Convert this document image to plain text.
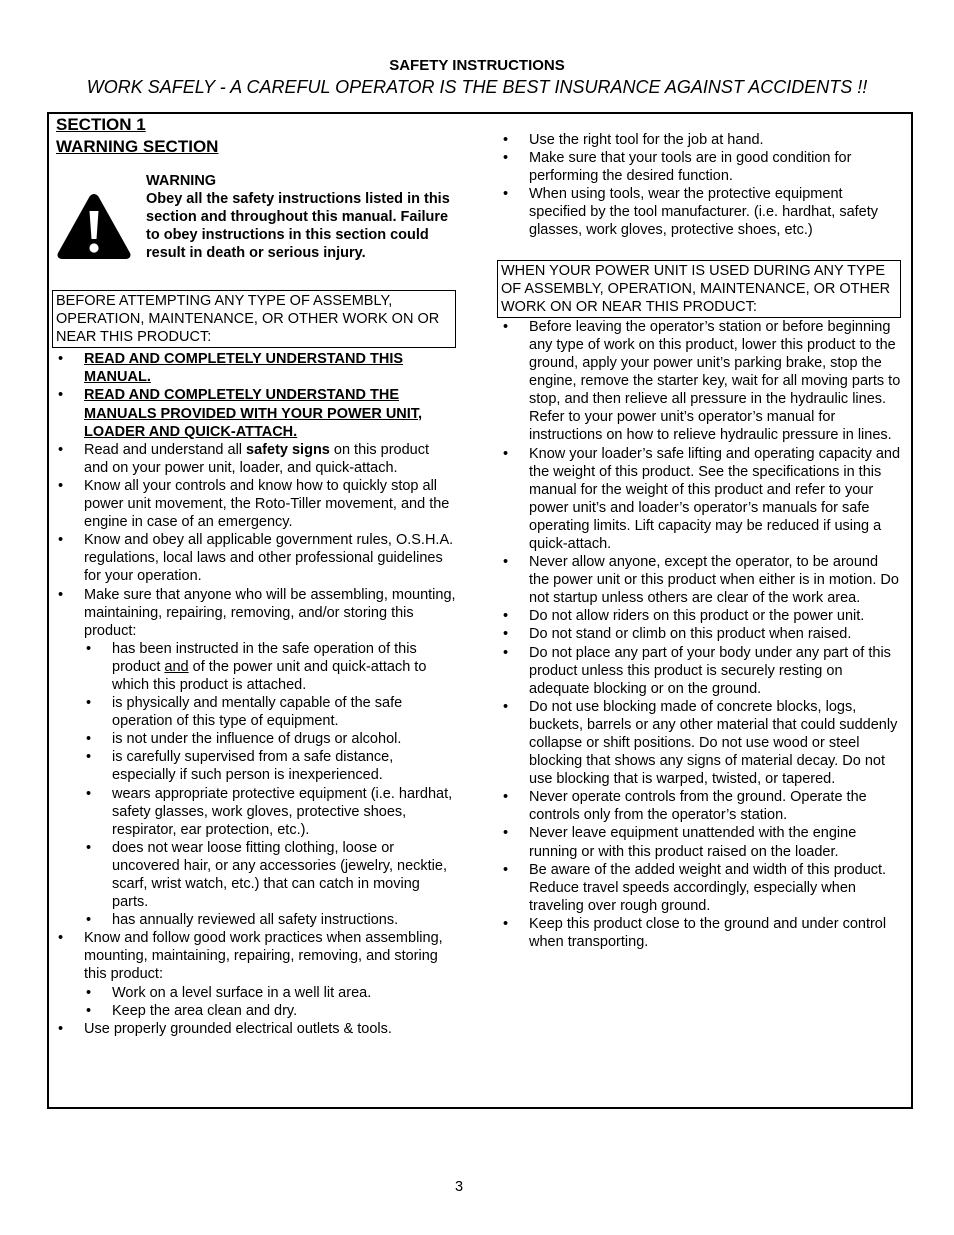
SAFETY INSTRUCTIONS
WORK SAFELY - A CAREFUL OPERATOR IS THE BEST INSURANCE AGAINST ACCIDENTS !!
SECTION 1
WARNING SECTION
WARNING
Obey all the safety instructions listed in this section and throughout this manual. Failure to obey instructions in this section could result in death or serious injury.
BEFORE ATTEMPTING ANY TYPE OF ASSEMBLY, OPERATION, MAINTENANCE, OR OTHER WORK ON OR NEAR THIS PRODUCT:
• READ AND COMPLETELY UNDERSTAND THIS MANUAL.
• READ AND COMPLETELY UNDERSTAND THE MANUALS PROVIDED WITH YOUR POWER UNIT, LOADER AND QUICK-ATTACH.
• Read and understand all safety signs on this product and on your power unit, loader, and quick-attach.
• Know all your controls and know how to quickly stop all power unit movement, the Roto-Tiller movement, and the engine in case of an emergency.
• Know and obey all applicable government rules, O.S.H.A. regulations, local laws and other professional guidelines for your operation.
• Make sure that anyone who will be assembling, mounting, maintaining, repairing, removing, and/or storing this product:
• has been instructed in the safe operation of this product and of the power unit and quick-attach to which this product is attached.
• is physically and mentally capable of the safe operation of this type of equipment.
• is not under the influence of drugs or alcohol.
• is carefully supervised from a safe distance, especially if such person is inexperienced.
• wears appropriate protective equipment (i.e. hardhat, safety glasses, work gloves, protective shoes, respirator, ear protection, etc.).
• does not wear loose fitting clothing, loose or uncovered hair, or any accessories (jewelry, necktie, scarf, wrist watch, etc.) that can catch in moving parts.
• has annually reviewed all safety instructions.
• Know and follow good work practices when assembling, mounting, maintaining, repairing, removing, and storing this product:
• Work on a level surface in a well lit area.
• Keep the area clean and dry.
• Use properly grounded electrical outlets & tools.
• Use the right tool for the job at hand.
• Make sure that your tools are in good condition for performing the desired function.
• When using tools, wear the protective equipment specified by the tool manufacturer. (i.e. hardhat, safety glasses, work gloves, protective shoes, etc.)
WHEN YOUR POWER UNIT IS USED DURING ANY TYPE OF ASSEMBLY, OPERATION, MAINTENANCE, OR OTHER WORK ON OR NEAR THIS PRODUCT:
• Before leaving the operator’s station or before beginning any type of work on this product, lower this product to the ground, apply your power unit’s parking brake, stop the engine, remove the starter key, wait for all moving parts to stop, and then relieve all pressure in the hydraulic lines. Refer to your power unit’s operator’s manual for instructions on how to relieve hydraulic pressure in lines.
• Know your loader’s safe lifting and operating capacity and the weight of this product. See the specifications in this manual for the weight of this product and refer to your power unit’s and loader’s operator’s manuals for safe operating limits. Lift capacity may be reduced if using a quick-attach.
• Never allow anyone, except the operator, to be around the power unit or this product when either is in motion. Do not startup unless others are clear of the work area.
• Do not allow riders on this product or the power unit.
• Do not stand or climb on this product when raised.
• Do not place any part of your body under any part of this product unless this product is securely resting on adequate blocking or on the ground.
• Do not use blocking made of concrete blocks, logs, buckets, barrels or any other material that could suddenly collapse or shift positions. Do not use wood or steel blocking that shows any signs of material decay. Do not use blocking that is warped, twisted, or tapered.
• Never operate controls from the ground. Operate the controls only from the operator’s station.
• Never leave equipment unattended with the engine running or with this product raised on the loader.
• Be aware of the added weight and width of this product. Reduce travel speeds accordingly, especially when traveling over rough ground.
• Keep this product close to the ground and under control when transporting.
3
